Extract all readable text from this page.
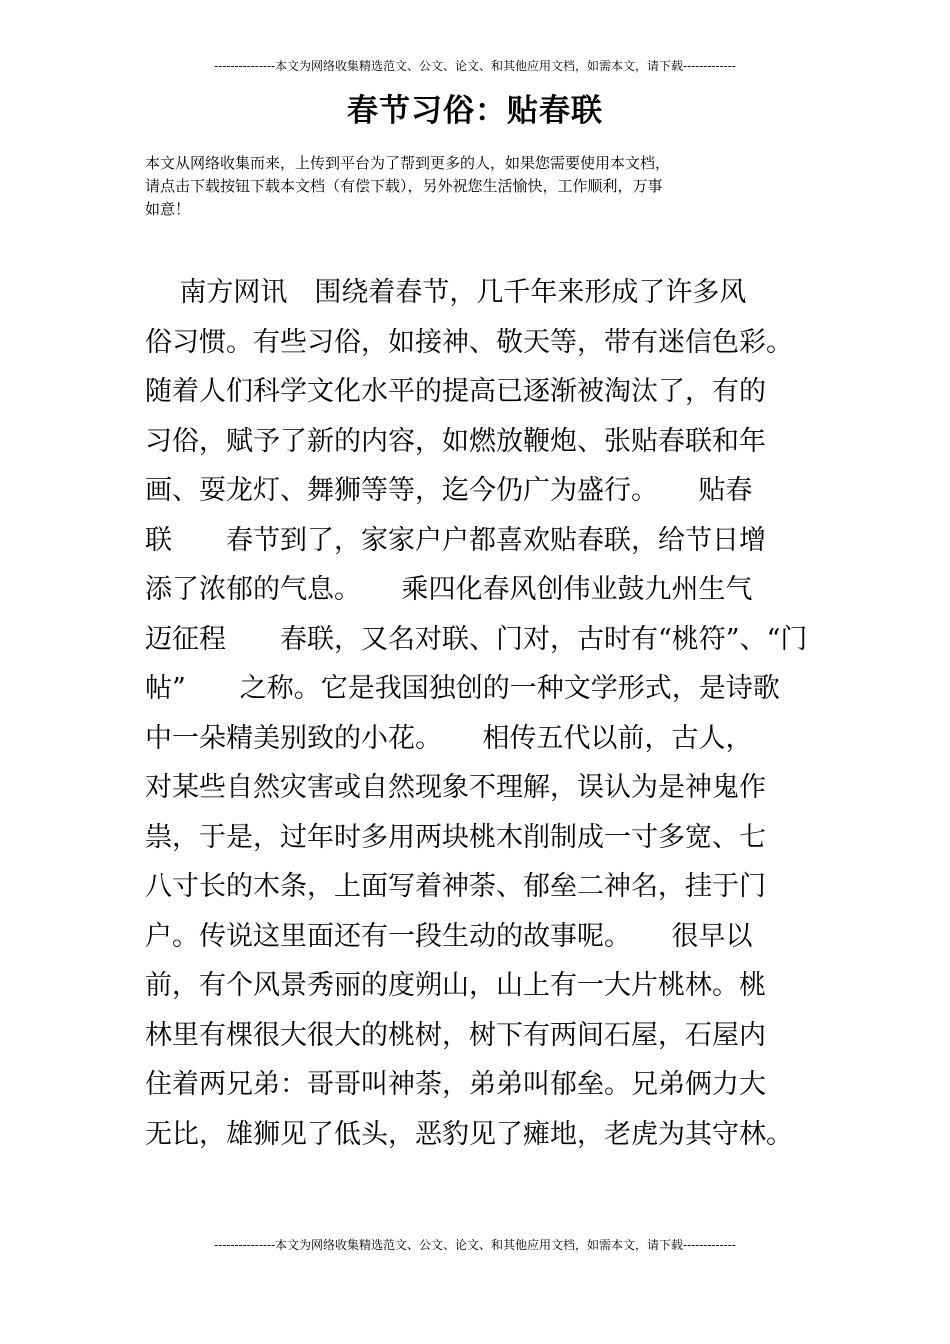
---------------本文为网络收集精选范文、公文、论文、和其他应用文档，如需本文，请下载-------------
春节习俗：贴春联
本文从网络收集而来，上传到平台为了帮到更多的人，如果您需要使用本文档，
请点击下载按钮下载本文档（有偿下载），另外祝您生活愉快，工作顺利，万事
如意！
南方网讯　围绕着春节，几千年来形成了许多风
俗习惯。有些习俗，如接神、敬天等，带有迷信色彩。
随着人们科学文化水平的提高已逐渐被淘汰了，有的
习俗，赋予了新的内容，如燃放鞭炮、张贴春联和年
画、耍龙灯、舞狮等等，迄今仍广为盛行。　　贴春
联　　春节到了，家家户户都喜欢贴春联，给节日增
添了浓郁的气息。　　乘四化春风创伟业鼓九州生气
迈征程　　春联，又名对联、门对，古时有“桃符”、“门
帖”　　之称。它是我国独创的一种文学形式，是诗歌
中一朵精美别致的小花。　　相传五代以前，古人，
对某些自然灾害或自然现象不理解，误认为是神鬼作
祟，于是，过年时多用两块桃木削制成一寸多宽、七
八寸长的木条，上面写着神荼、郁垒二神名，挂于门
户。传说这里面还有一段生动的故事呢。　　很早以
前，有个风景秀丽的度朔山，山上有一大片桃林。桃
林里有棵很大很大的桃树，树下有两间石屋，石屋内
住着两兄弟：哥哥叫神荼，弟弟叫郁垒。兄弟俩力大
无比，雄狮见了低头，恶豹见了瘫地，老虎为其守林。
---------------本文为网络收集精选范文、公文、论文、和其他应用文档，如需本文，请下载-------------
